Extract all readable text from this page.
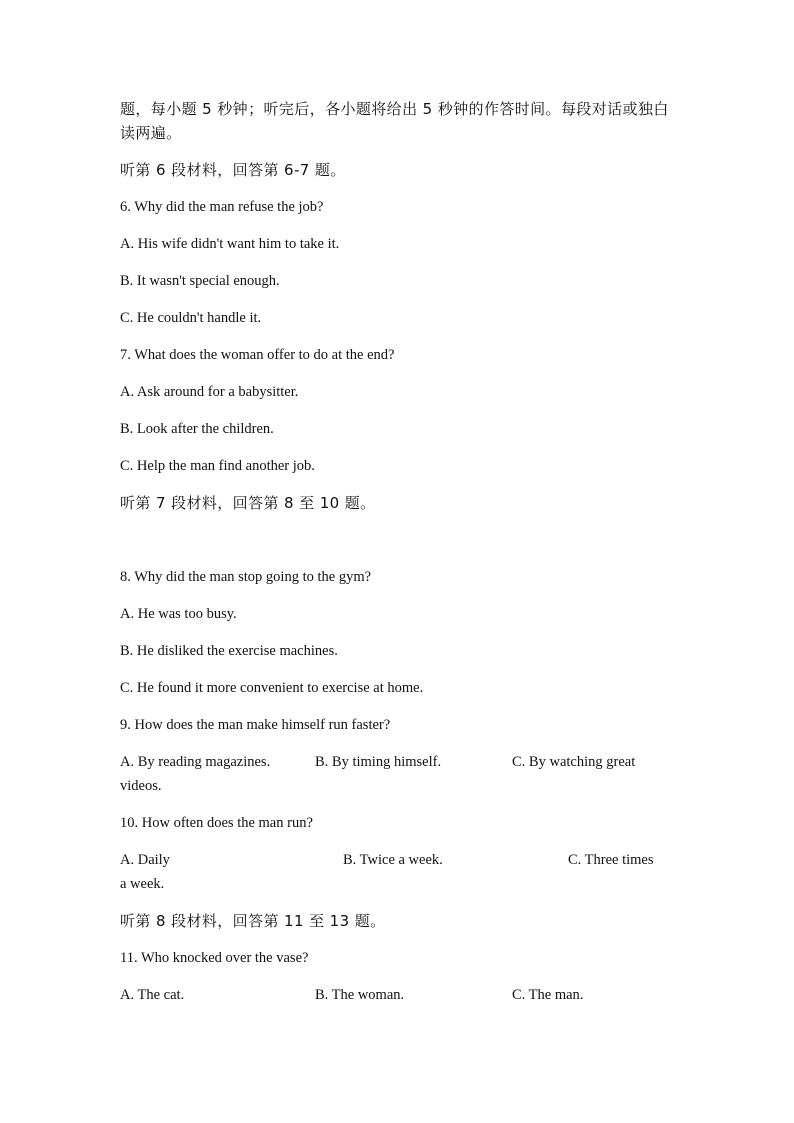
题，每小题 5 秒钟；听完后，各小题将给出 5 秒钟的作答时间。每段对话或独白

读两遍。

听第 6 段材料，回答第 6-7 题。

6. Why did the man refuse the job?

A. His wife didn't want him to take it.

B. It wasn't special enough.

C. He couldn't handle it.

7. What does the woman offer to do at the end?

A. Ask around for a babysitter.

B. Look after the children.

C. Help the man find another job.

听第 7 段材料，回答第 8 至 10 题。

8. Why did the man stop going to the gym?

A. He was too busy.

B. He disliked the exercise machines.

C. He found it more convenient to exercise at home.

9. How does the man make himself run faster?

A. By reading magazines.	B. By timing himself.	C. By watching great
videos.

10. How often does the man run?

A. Daily	B. Twice a week.	C. Three times
a week.

听第 8 段材料，回答第 11 至 13 题。

11. Who knocked over the vase?

A. The cat.	B. The woman.	C. The man.
